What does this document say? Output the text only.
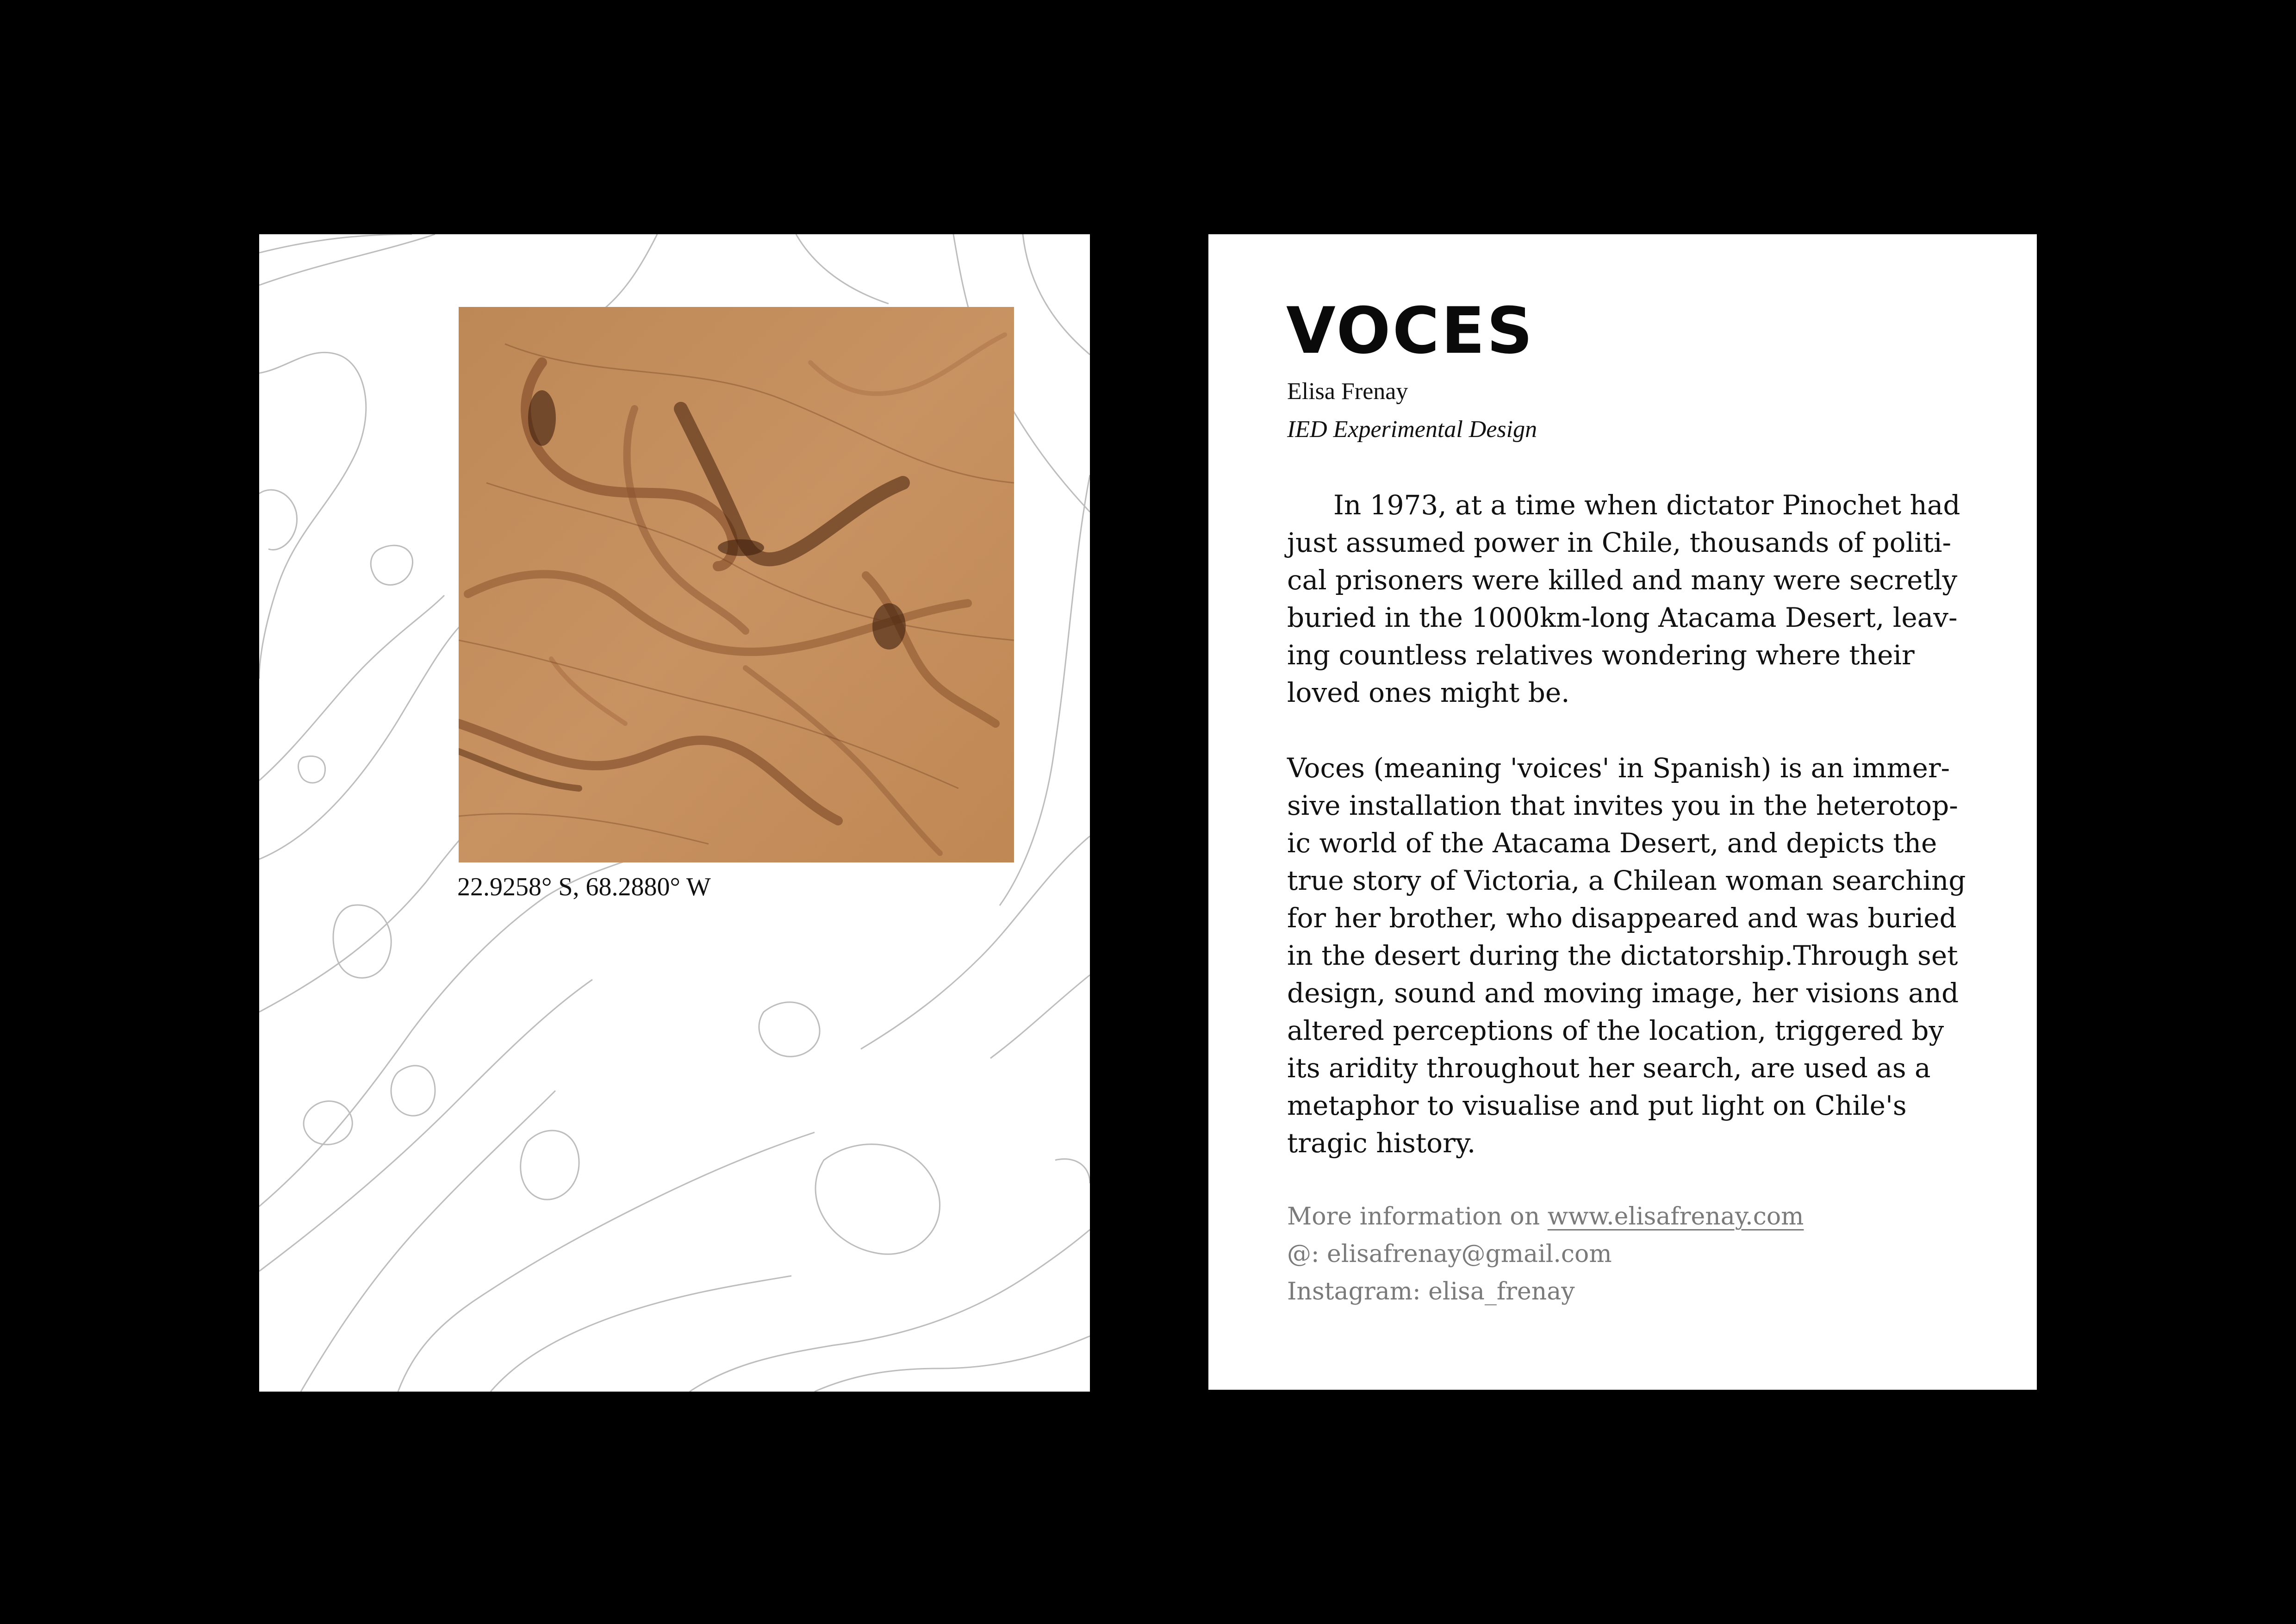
22.9258° S, 68.2880° W
VOCES
Elisa Frenay
IED Experimental Design

In 1973, at a time when dictator Pinochet had
just assumed power in Chile, thousands of politi-
cal prisoners were killed and many were secretly
buried in the 1000km-long Atacama Desert, leav-
ing countless relatives wondering where their
loved ones might be.

Voces (meaning 'voices' in Spanish) is an immer-
sive installation that invites you in the heterotop-
ic world of the Atacama Desert, and depicts the
true story of Victoria, a Chilean woman searching
for her brother, who disappeared and was buried
in the desert during the dictatorship.Through set
design, sound and moving image, her visions and
altered perceptions of the location, triggered by
its aridity throughout her search, are used as a
metaphor to visualise and put light on Chile's
tragic history.

More information on www.elisafrenay.com
@: elisafrenay@gmail.com
Instagram: elisa_frenay
